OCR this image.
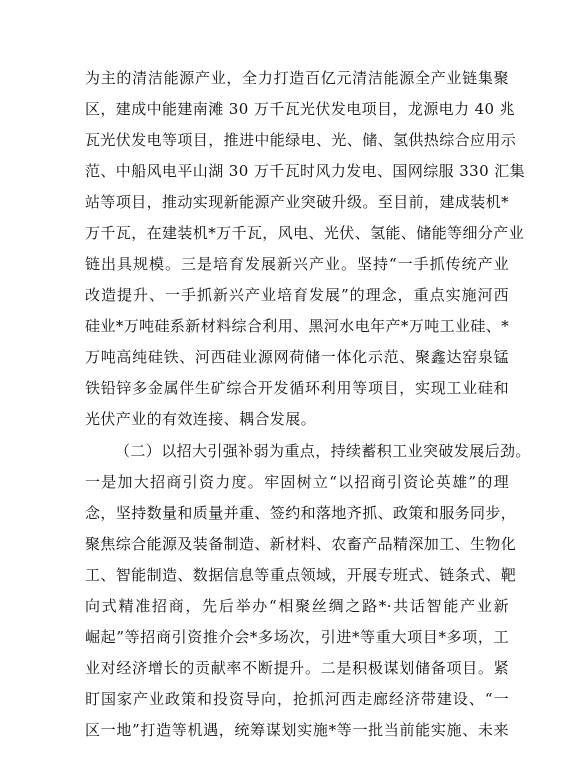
为主的清洁能源产业，全力打造百亿元清洁能源全产业链集聚
区，建成中能建南滩 30 万千瓦光伏发电项目，龙源电力 40 兆
瓦光伏发电等项目，推进中能绿电、光、储、氢供热综合应用示
范、中船风电平山湖 30 万千瓦时风力发电、国网综服 330 汇集
站等项目，推动实现新能源产业突破升级。至目前，建成装机*
万千瓦，在建装机*万千瓦，风电、光伏、氢能、储能等细分产业
链出具规模。三是培育发展新兴产业。坚持“一手抓传统产业
改造提升、一手抓新兴产业培育发展”的理念，重点实施河西
硅业*万吨硅系新材料综合利用、黑河水电年产*万吨工业硅、*
万吨高纯硅铁、河西硅业源网荷储一体化示范、聚鑫达窑泉锰
铁铅锌多金属伴生矿综合开发循环利用等项目，实现工业硅和
光伏产业的有效连接、耦合发展。
（二）以招大引强补弱为重点，持续蓄积工业突破发展后劲。
一是加大招商引资力度。牢固树立“以招商引资论英雄”的理
念，坚持数量和质量并重、签约和落地齐抓、政策和服务同步，
聚焦综合能源及装备制造、新材料、农畜产品精深加工、生物化
工、智能制造、数据信息等重点领域，开展专班式、链条式、靶
向式精准招商，先后举办“相聚丝绸之路*·共话智能产业新
崛起”等招商引资推介会*多场次，引进*等重大项目*多项，工
业对经济增长的贡献率不断提升。二是积极谋划储备项目。紧
盯国家产业政策和投资导向，抢抓河西走廊经济带建设、“一
区一地”打造等机遇，统筹谋划实施*等一批当前能实施、未来
